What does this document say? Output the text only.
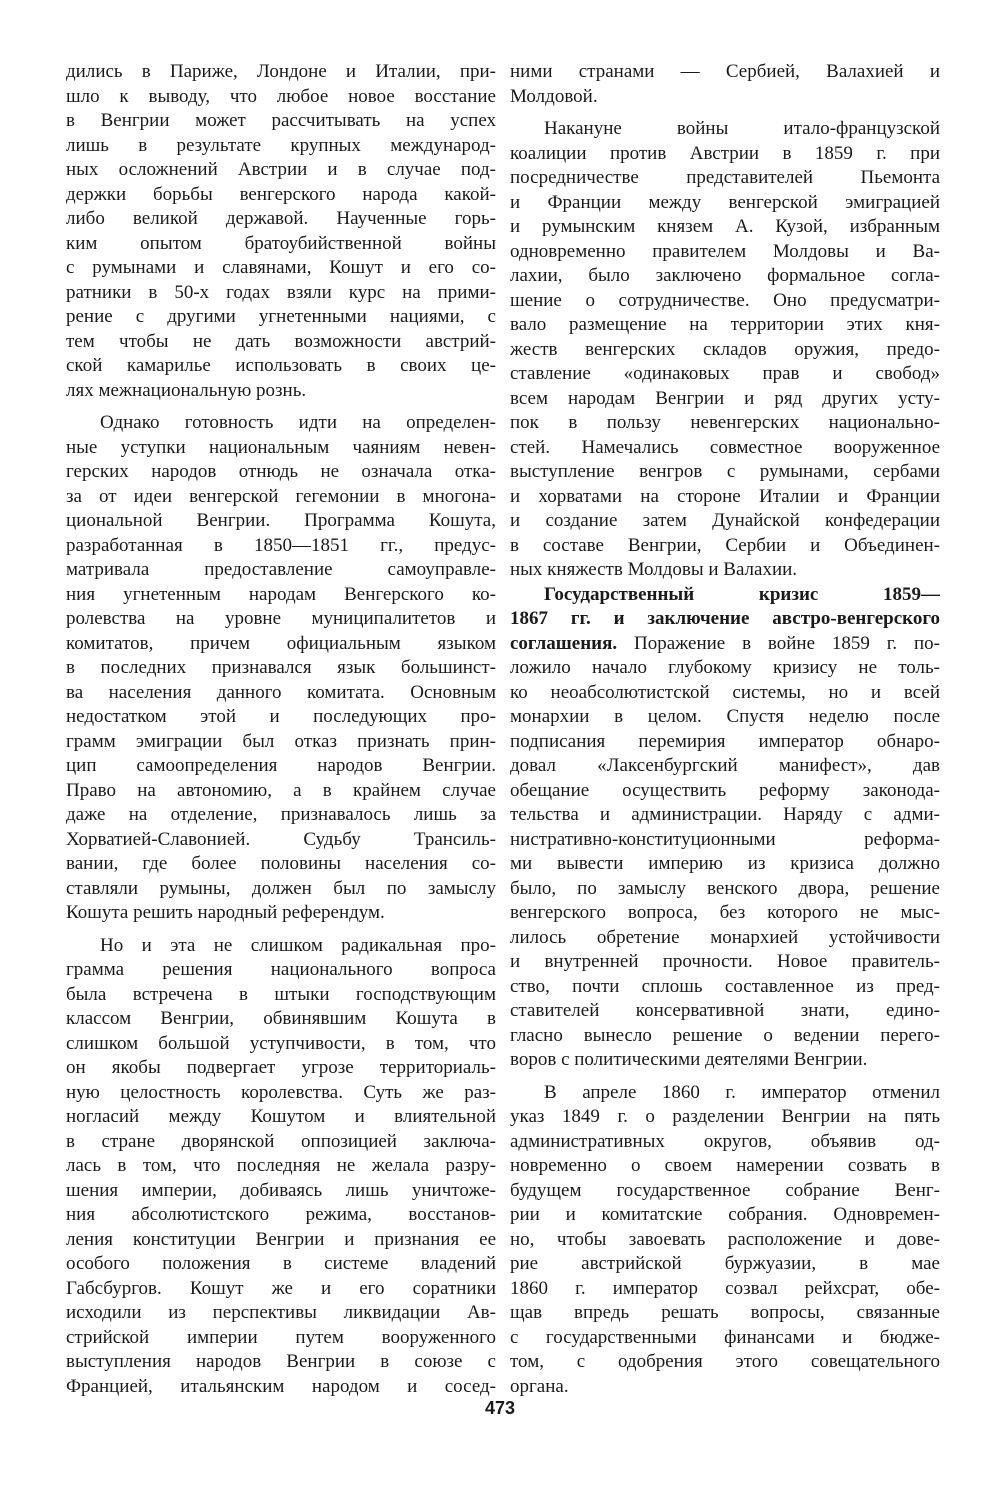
дились в Париже, Лондоне и Италии, при-
шло к выводу, что любое новое восстание
в Венгрии может рассчитывать на успех
лишь в результате крупных международ-
ных осложнений Австрии и в случае под-
держки борьбы венгерского народа какой-
либо великой державой. Наученные горь-
ким опытом братоубийственной войны
с румынами и славянами, Кошут и его со-
ратники в 50-х годах взяли курс на прими-
рение с другими угнетенными нациями, с
тем чтобы не дать возможности австрий-
ской камарилье использовать в своих це-
лях межнациональную рознь.
Однако готовность идти на определен-
ные уступки национальным чаяниям невен-
герских народов отнюдь не означала отка-
за от идеи венгерской гегемонии в многона-
циональной Венгрии. Программа Кошута,
разработанная в 1850—1851 гг., предус-
матривала предоставление самоуправле-
ния угнетенным народам Венгерского ко-
ролевства на уровне муниципалитетов и
комитатов, причем официальным языком
в последних признавался язык большинст-
ва населения данного комитата. Основным
недостатком этой и последующих про-
грамм эмиграции был отказ признать прин-
цип самоопределения народов Венгрии.
Право на автономию, а в крайнем случае
даже на отделение, признавалось лишь за
Хорватией-Славонией. Судьбу Трансиль-
вании, где более половины населения со-
ставляли румыны, должен был по замыслу
Кошута решить народный референдум.
Но и эта не слишком радикальная про-
грамма решения национального вопроса
была встречена в штыки господствующим
классом Венгрии, обвинявшим Кошута в
слишком большой уступчивости, в том, что
он якобы подвергает угрозе территориаль-
ную целостность королевства. Суть же раз-
ногласий между Кошутом и влиятельной
в стране дворянской оппозицией заключа-
лась в том, что последняя не желала разру-
шения империи, добиваясь лишь уничтоже-
ния абсолютистского режима, восстанов-
ления конституции Венгрии и признания ее
особого положения в системе владений
Габсбургов. Кошут же и его соратники
исходили из перспективы ликвидации Ав-
стрийской империи путем вооруженного
выступления народов Венгрии в союзе с
Францией, итальянским народом и сосед-
ними странами — Сербией, Валахией и
Молдовой.
Накануне войны итало-французской
коалиции против Австрии в 1859 г. при
посредничестве представителей Пьемонта
и Франции между венгерской эмиграцией
и румынским князем А. Кузой, избранным
одновременно правителем Молдовы и Ва-
лахии, было заключено формальное согла-
шение о сотрудничестве. Оно предусматри-
вало размещение на территории этих кня-
жеств венгерских складов оружия, предо-
ставление «одинаковых прав и свобод»
всем народам Венгрии и ряд других усту-
пок в пользу невенгерских национально-
стей. Намечались совместное вооруженное
выступление венгров с румынами, сербами
и хорватами на стороне Италии и Франции
и создание затем Дунайской конфедерации
в составе Венгрии, Сербии и Объединен-
ных княжеств Молдовы и Валахии.
Государственный кризис 1859—
1867 гг. и заключение австро-венгерского
соглашения. Поражение в войне 1859 г. по-
ложило начало глубокому кризису не толь-
ко неоабсолютистской системы, но и всей
монархии в целом. Спустя неделю после
подписания перемирия император обнаро-
довал «Лаксенбургский манифест», дав
обещание осуществить реформу законода-
тельства и администрации. Наряду с адми-
нистративно-конституционными реформа-
ми вывести империю из кризиса должно
было, по замыслу венского двора, решение
венгерского вопроса, без которого не мыс-
лилось обретение монархией устойчивости
и внутренней прочности. Новое правитель-
ство, почти сплошь составленное из пред-
ставителей консервативной знати, едино-
гласно вынесло решение о ведении перего-
воров с политическими деятелями Венгрии.
В апреле 1860 г. император отменил
указ 1849 г. о разделении Венгрии на пять
административных округов, объявив од-
новременно о своем намерении созвать в
будущем государственное собрание Венг-
рии и комитатские собрания. Одновремен-
но, чтобы завоевать расположение и дове-
рие австрийской буржуазии, в мае
1860 г. император созвал рейхсрат, обе-
щав впредь решать вопросы, связанные
с государственными финансами и бюдже-
том, с одобрения этого совещательного
органа.
473
